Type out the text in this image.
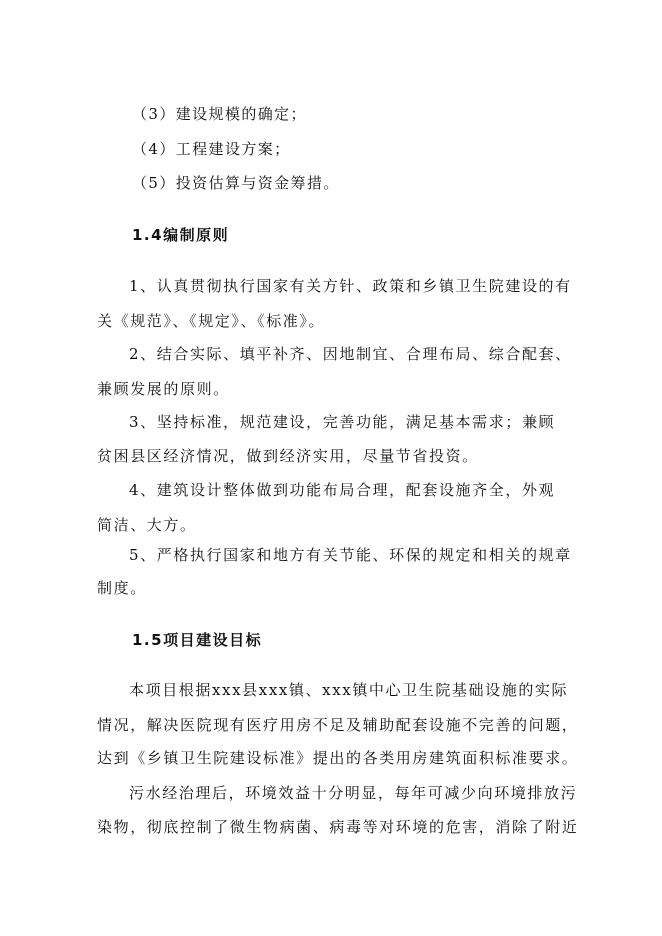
（3）建设规模的确定；
（4）工程建设方案；
（5）投资估算与资金筹措。
1.4编制原则
1、认真贯彻执行国家有关方针、政策和乡镇卫生院建设的有
关《规范》、《规定》、《标准》。
2、结合实际、填平补齐、因地制宜、合理布局、综合配套、
兼顾发展的原则。
3、坚持标准，规范建设，完善功能，满足基本需求；兼顾
贫困县区经济情况，做到经济实用，尽量节省投资。
4、建筑设计整体做到功能布局合理，配套设施齐全，外观
简洁、大方。
5、严格执行国家和地方有关节能、环保的规定和相关的规章
制度。
1.5项目建设目标
本项目根据xxx县xxx镇、xxx镇中心卫生院基础设施的实际
情况，解决医院现有医疗用房不足及辅助配套设施不完善的问题，
达到《乡镇卫生院建设标准》提出的各类用房建筑面积标准要求。
污水经治理后，环境效益十分明显，每年可减少向环境排放污
染物，彻底控制了微生物病菌、病毒等对环境的危害，消除了附近
